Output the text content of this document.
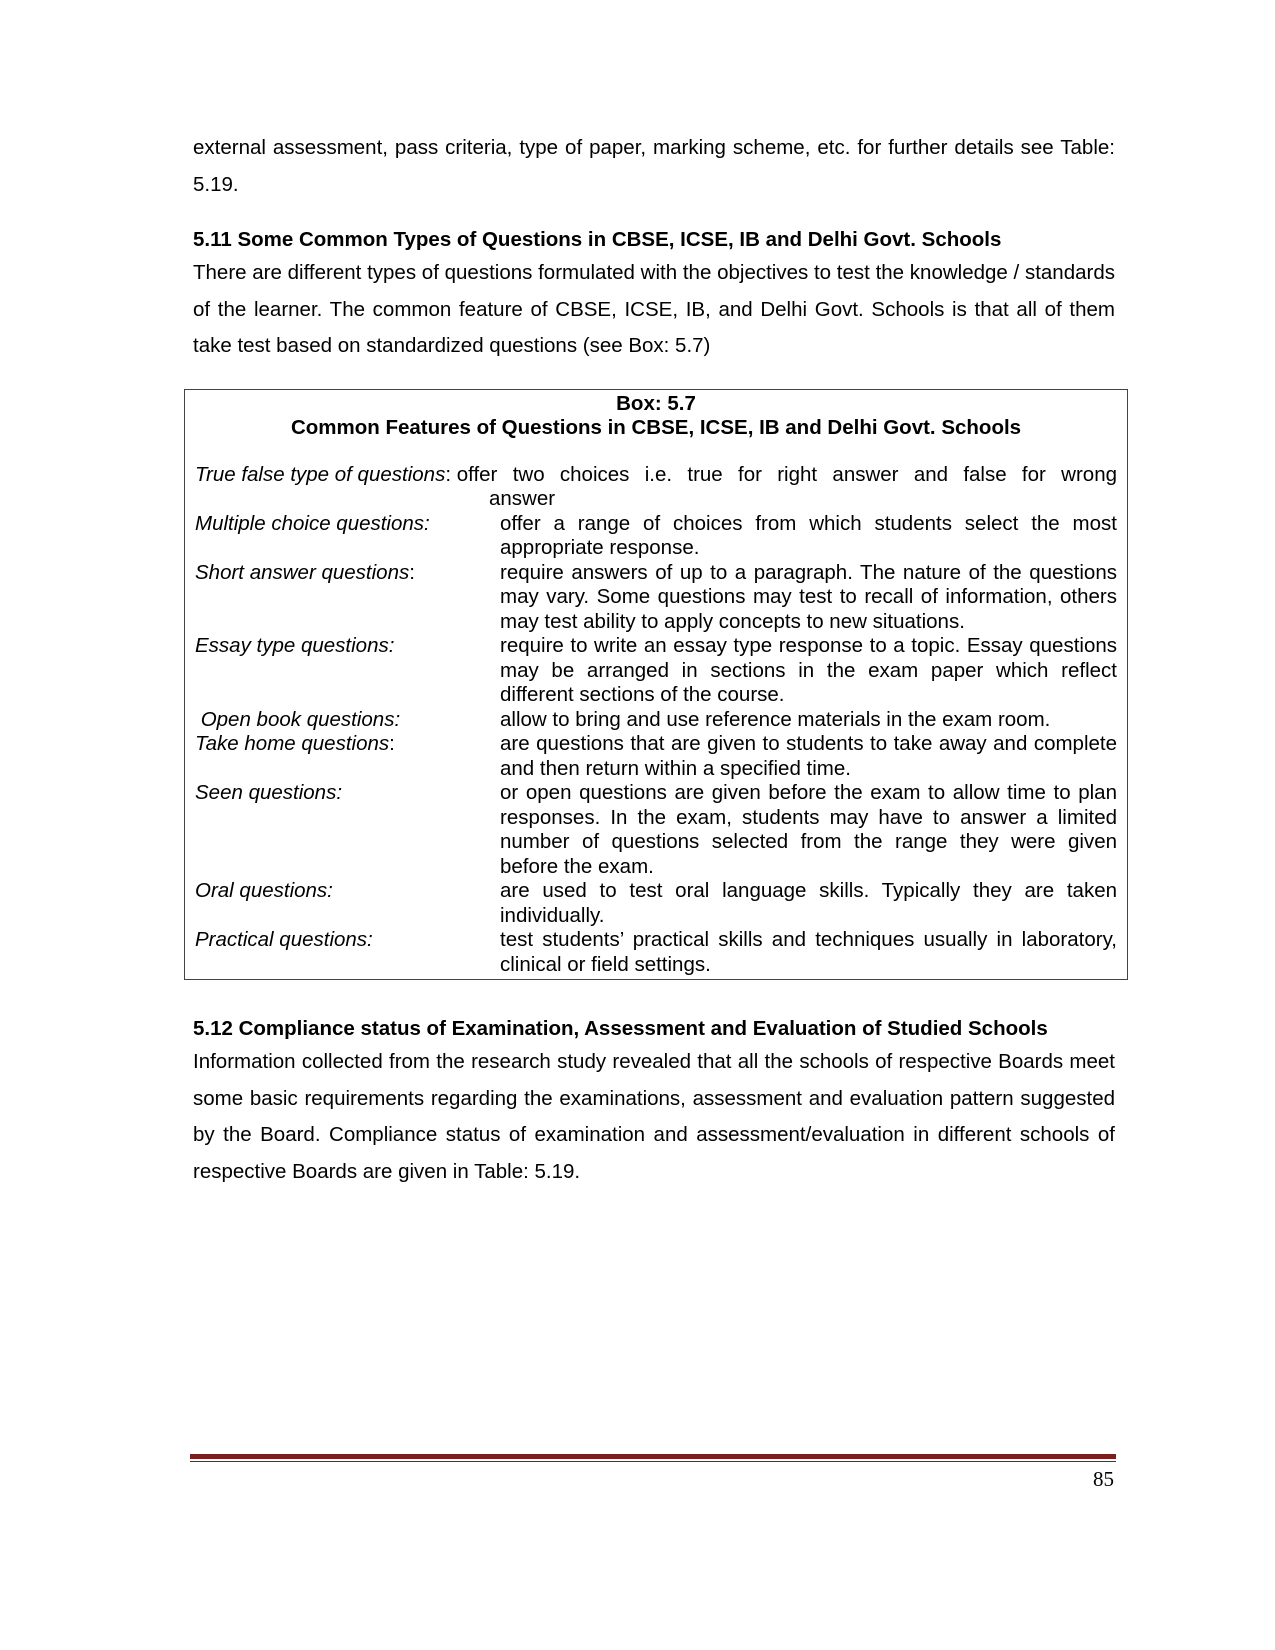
external assessment, pass criteria, type of paper, marking scheme, etc. for further details see Table: 5.19.

5.11 Some Common Types of Questions in CBSE, ICSE, IB and Delhi Govt. Schools

There are different types of questions formulated with the objectives to test the knowledge / standards of the learner. The common feature of CBSE, ICSE, IB, and Delhi Govt. Schools is that all of them take test based on standardized questions (see Box: 5.7)

Box: 5.7

Common Features of Questions in CBSE, ICSE, IB and Delhi Govt. Schools

True false type of questions: offer two choices i.e. true for right answer and false for wrong
answer
Multiple choice questions:	offer a range of choices from which students select the most appropriate response.
Short answer questions:	require answers of up to a paragraph. The nature of the questions may vary. Some questions may test to recall of information, others may test ability to apply concepts to new situations.
Essay type questions:	require to write an essay type response to a topic. Essay questions may be arranged in sections in the exam paper which reflect different sections of the course.
Open book questions:	allow to bring and use reference materials in the exam room.
Take home questions:	are questions that are given to students to take away and complete and then return within a specified time.
Seen questions:	or open questions are given before the exam to allow time to plan responses. In the exam, students may have to answer a limited number of questions selected from the range they were given before the exam.
Oral questions:	are used to test oral language skills. Typically they are taken individually.
Practical questions:	test students’ practical skills and techniques usually in laboratory, clinical or field settings.
5.12 Compliance status of Examination, Assessment and Evaluation of Studied Schools

Information collected from the research study revealed that all the schools of respective Boards meet some basic requirements regarding the examinations, assessment and evaluation pattern suggested by the Board. Compliance status of examination and assessment/evaluation in different schools of respective Boards are given in Table: 5.19.

85
